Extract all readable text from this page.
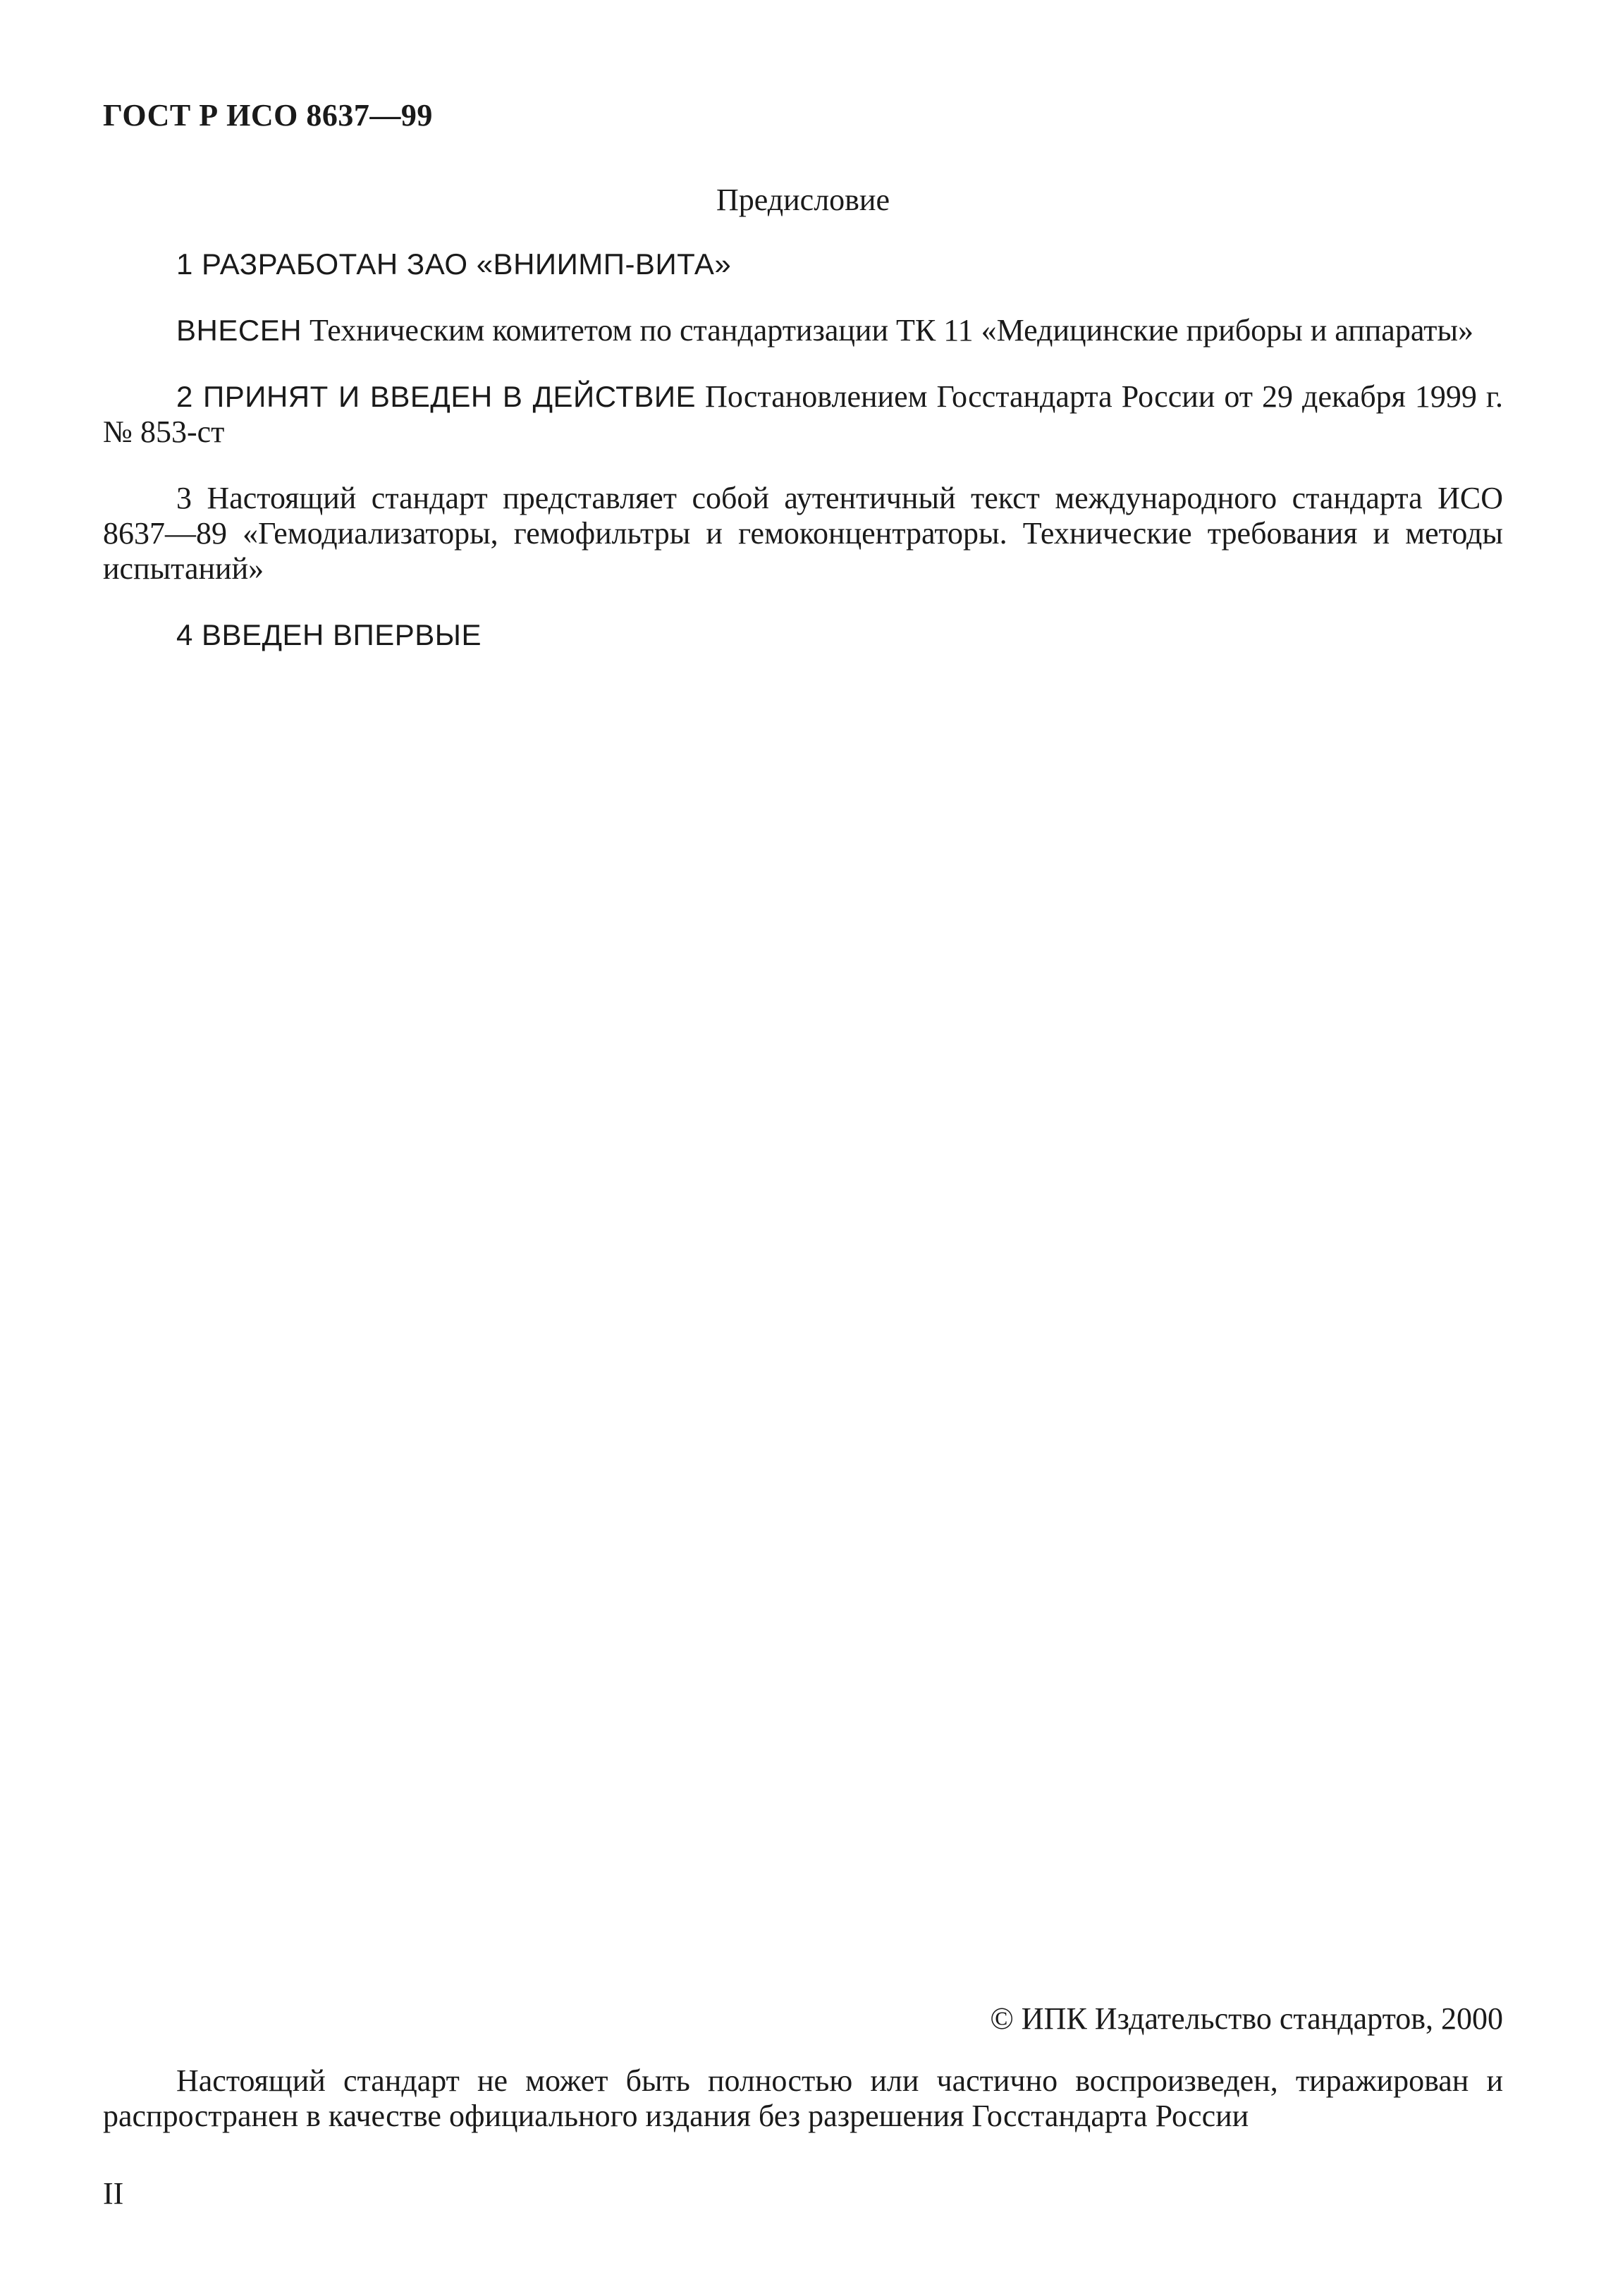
ГОСТ Р ИСО 8637—99
Предисловие

1 РАЗРАБОТАН ЗАО «ВНИИМП-ВИТА»

ВНЕСЕН Техническим комитетом по стандартизации ТК 11 «Медицинские приборы и аппараты»

2 ПРИНЯТ И ВВЕДЕН В ДЕЙСТВИЕ Постановлением Госстандарта России от 29 декабря 1999 г. № 853-ст

3 Настоящий стандарт представляет собой аутентичный текст международного стандарта ИСО 8637—89 «Гемодиализаторы, гемофильтры и гемоконцентраторы. Технические требования и методы испытаний»

4 ВВЕДЕН ВПЕРВЫЕ

© ИПК Издательство стандартов, 2000
Настоящий стандарт не может быть полностью или частично воспроизведен, тиражирован и распространен в качестве официального издания без разрешения Госстандарта России
II
